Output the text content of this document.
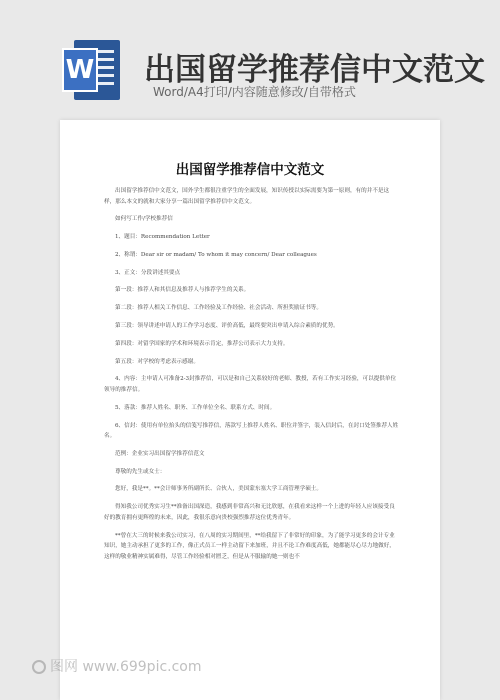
W 出国留学推荐信中文范文
Word/A4打印/内容随意修改/自带格式
出国留学推荐信中文范文

出国留学推荐信中文范文，国外学生都很注重学生的全面发展，知识传授以实际需要为第一原则，有的并不是这样，那么本文的就和大家分享一篇出国留学推荐信中文范文。

如何写工作/学校推荐信

1、题目：Recommendation Letter

2、称谓：Dear sir or madam/ To whom it may concern/ Dear colleagues

3、正文：分段讲述其要点

第一段：推荐人和其信息及推荐人与推荐学生的关系。

第二段：推荐人相关工作信息、工作经验及工作经验、社会活动、所担奖励证书等。

第三段：领导讲述申请人的工作学习态度、评价高低，最终要突出申请入综合素质的优势。

第四段：对留学国家的学术和环境表示肯定，推荐公司表示大力支持。

第五段：对学校的考虑表示感谢。

4、内容：主申请人可准备2-3封推荐信，可以是和自己关系较好的老师、教授，若有工作实习经验，可以提供单位领导的推荐信。

5、落款：推荐人姓名、职务、工作单位全名、联系方式、时间。

6、信封：使用有单位抬头的信笺写推荐信，落款写上推荐人姓名、职位并签字，装入信封后，在封口处签推荐人姓名。

范例：企业实习出国留学推荐信范文

尊敬的先生或女士：

您好，我是**。**会计师事务所副所长、合伙人，美国蒙东塞大学工商管理学硕士。

得知我公司优秀实习生**准备出国深造，我感到非常高兴和无比欣慰，在我看来这样一个上进的年轻人应该接受良好的教育拥有更辉煌的未来，因此，我很乐意向贵校强烈推荐这位优秀青年。

**曾在大三的时候来我公司实习，在八周的实习期间里，**给我留下了非常好的印象，为了能学习更多的会计专业知识，她主动承担了更多的工作，像正式员工一样主动留下来加班，并且不论工作难度高低，她都能尽心尽力地做好，这样的敬业精神实属难得，尽管工作经验相对匮乏，但是从不服输的她一则也不

图网 www.699pic.com
